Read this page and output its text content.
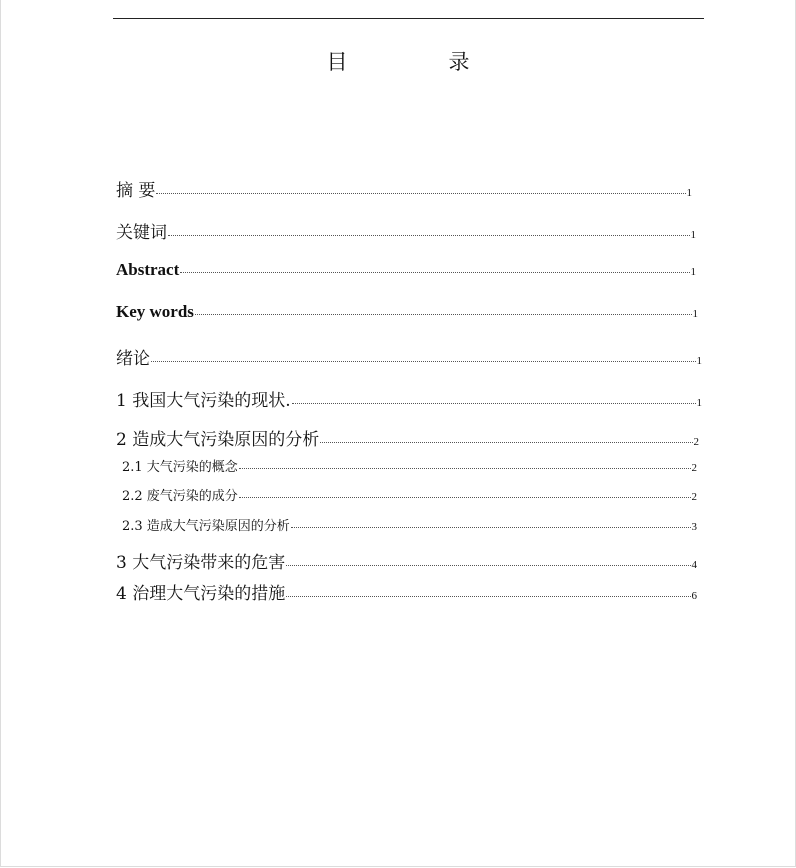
目　录
摘 要	1
关键词	1
Abstract	1
Key words	1
绪论	1
1 我国大气污染的现状.	1
2 造成大气污染原因的分析	2
2.1 大气污染的概念	2
2.2 废气污染的成分	2
2.3 造成大气污染原因的分析	3
3 大气污染带来的危害	4
4 治理大气污染的措施	6
